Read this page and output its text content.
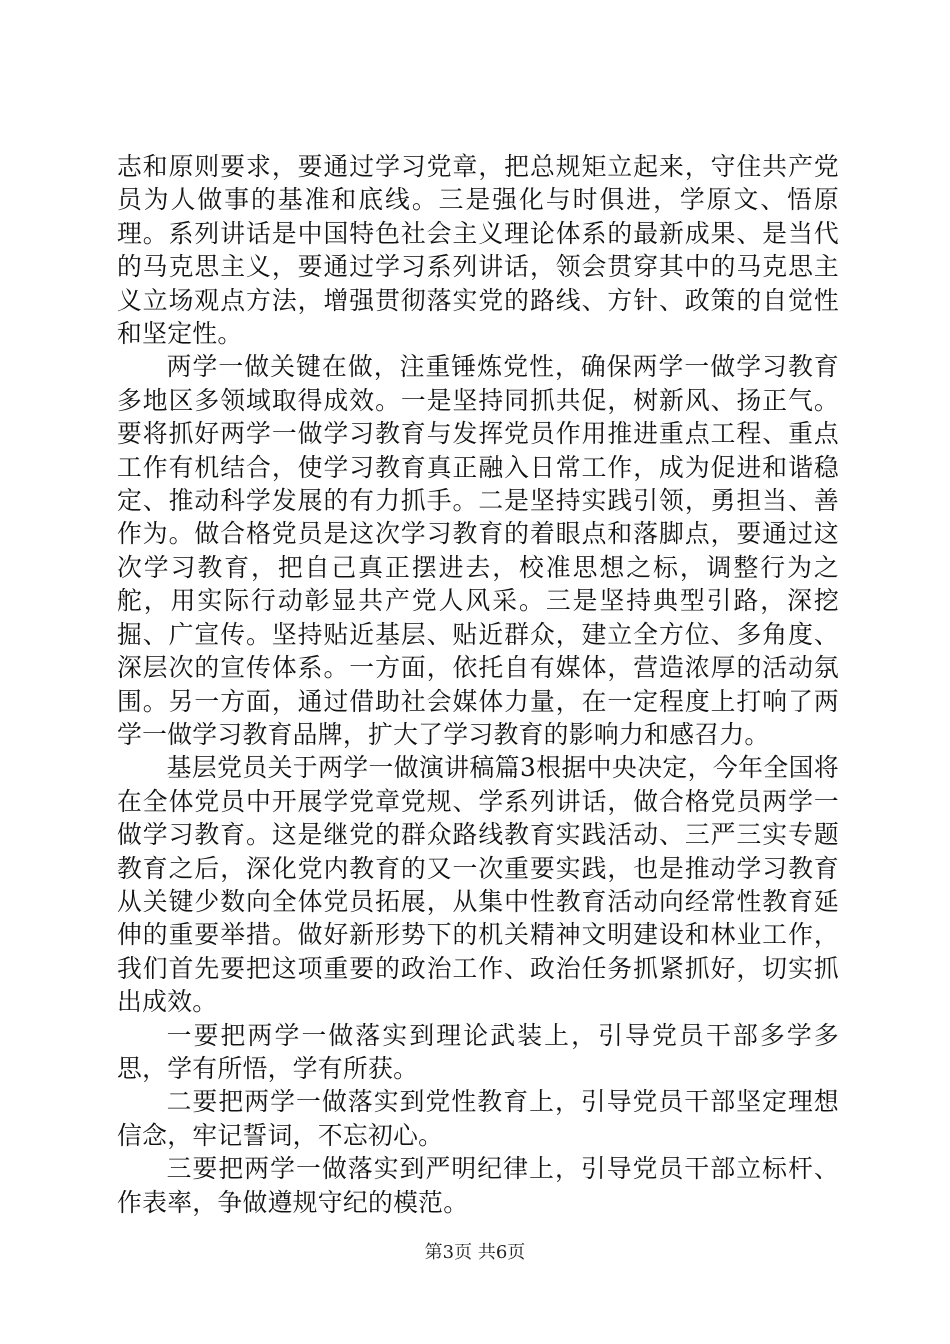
志和原则要求，要通过学习党章，把总规矩立起来，守住共产党员为人做事的基准和底线。三是强化与时俱进，学原文、悟原理。系列讲话是中国特色社会主义理论体系的最新成果、是当代的马克思主义，要通过学习系列讲话，领会贯穿其中的马克思主义立场观点方法，增强贯彻落实党的路线、方针、政策的自觉性和坚定性。

两学一做关键在做，注重锤炼党性，确保两学一做学习教育多地区多领域取得成效。一是坚持同抓共促，树新风、扬正气。要将抓好两学一做学习教育与发挥党员作用推进重点工程、重点工作有机结合，使学习教育真正融入日常工作，成为促进和谐稳定、推动科学发展的有力抓手。二是坚持实践引领，勇担当、善作为。做合格党员是这次学习教育的着眼点和落脚点，要通过这次学习教育，把自己真正摆进去，校准思想之标，调整行为之舵，用实际行动彰显共产党人风采。三是坚持典型引路，深挖掘、广宣传。坚持贴近基层、贴近群众，建立全方位、多角度、深层次的宣传体系。一方面，依托自有媒体，营造浓厚的活动氛围。另一方面，通过借助社会媒体力量，在一定程度上打响了两学一做学习教育品牌，扩大了学习教育的影响力和感召力。

基层党员关于两学一做演讲稿篇3根据中央决定，今年全国将在全体党员中开展学党章党规、学系列讲话，做合格党员两学一做学习教育。这是继党的群众路线教育实践活动、三严三实专题教育之后，深化党内教育的又一次重要实践，也是推动学习教育从关键少数向全体党员拓展，从集中性教育活动向经常性教育延伸的重要举措。做好新形势下的机关精神文明建设和林业工作，我们首先要把这项重要的政治工作、政治任务抓紧抓好，切实抓出成效。

一要把两学一做落实到理论武装上，引导党员干部多学多思，学有所悟，学有所获。

二要把两学一做落实到党性教育上，引导党员干部坚定理想信念，牢记誓词，不忘初心。

三要把两学一做落实到严明纪律上，引导党员干部立标杆、作表率，争做遵规守纪的模范。

第3页 共6页
